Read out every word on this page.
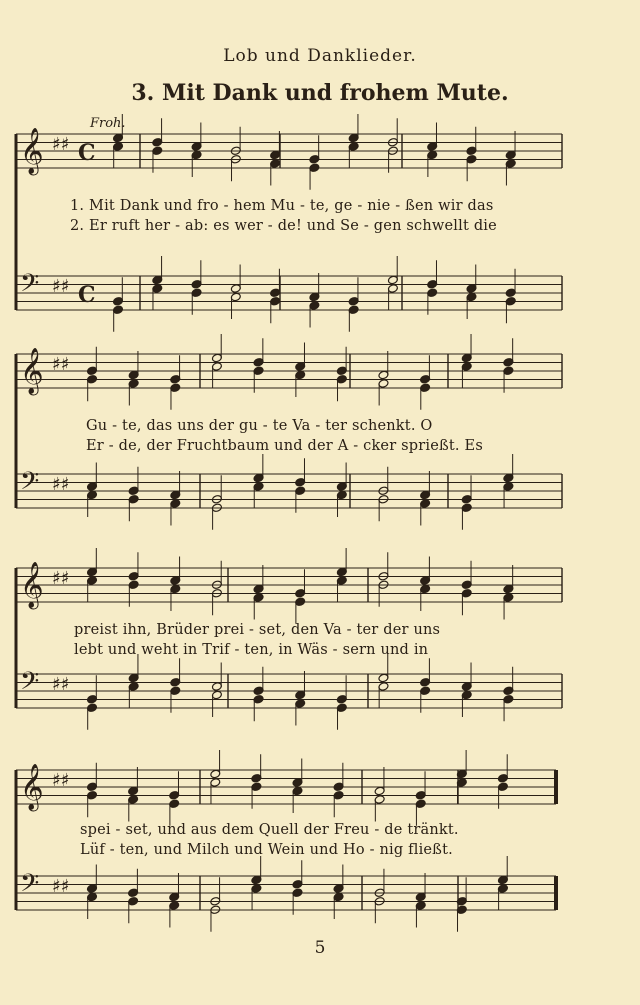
Lob und Danklieder.
3. Mit Dank und frohem Mute.
Froh.
𝄞 ♯♯ C
𝄢 ♯♯ C
𝄞 ♯♯
𝄢 ♯♯
𝄞 ♯♯
𝄢 ♯♯
𝄞 ♯♯
𝄢 ♯♯
1. Mit Dank und fro - hem Mu - te, ge - nie - ßen wir das
2. Er ruft her - ab: es wer - de! und Se - gen schwellt die
Gu - te, das uns der gu - te Va - ter schenkt. O
Er - de, der Fruchtbaum und der A - cker sprießt. Es
preist ihn, Brüder prei - set, den Va - ter der uns
lebt und weht in Trif - ten, in Wäs - sern und in
spei - set, und aus dem Quell der Freu - de tränkt.
Lüf - ten, und Milch und Wein und Ho - nig fließt.
5
